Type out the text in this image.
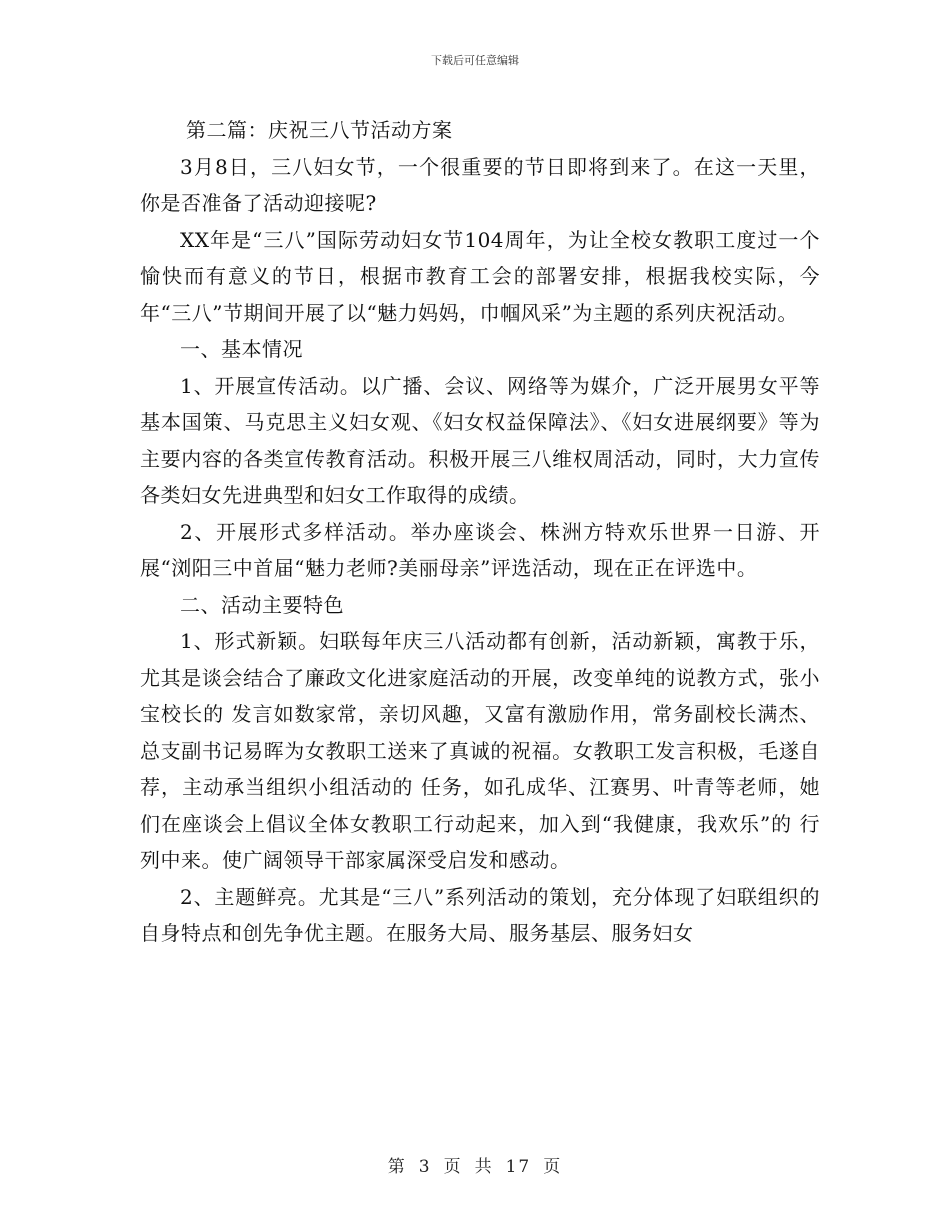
下载后可任意编辑

第二篇：庆祝三八节活动方案

3月8日，三八妇女节，一个很重要的节日即将到来了。在这一天里，你是否准备了活动迎接呢?

XX年是“三八”国际劳动妇女节104周年，为让全校女教职工度过一个愉快而有意义的节日，根据市教育工会的部署安排，根据我校实际，今年“三八”节期间开展了以“魅力妈妈，巾帼风采”为主题的系列庆祝活动。

一、基本情况

1、开展宣传活动。以广播、会议、网络等为媒介，广泛开展男女平等基本国策、马克思主义妇女观、《妇女权益保障法》、《妇女进展纲要》等为主要内容的各类宣传教育活动。积极开展三八维权周活动，同时，大力宣传各类妇女先进典型和妇女工作取得的成绩。

2、开展形式多样活动。举办座谈会、株洲方特欢乐世界一日游、开展“浏阳三中首届“魅力老师?美丽母亲”评选活动，现在正在评选中。

二、活动主要特色

1、形式新颖。妇联每年庆三八活动都有创新，活动新颖，寓教于乐，尤其是谈会结合了廉政文化进家庭活动的开展，改变单纯的说教方式，张小宝校长的 发言如数家常，亲切风趣，又富有激励作用，常务副校长满杰、总支副书记易晖为女教职工送来了真诚的祝福。女教职工发言积极，毛遂自荐，主动承当组织小组活动的 任务，如孔成华、江赛男、叶青等老师，她们在座谈会上倡议全体女教职工行动起来，加入到“我健康，我欢乐”的 行列中来。使广阔领导干部家属深受启发和感动。

2、主题鲜亮。尤其是“三八”系列活动的策划，充分体现了妇联组织的自身特点和创先争优主题。在服务大局、服务基层、服务妇女

第 3 页 共 17 页
